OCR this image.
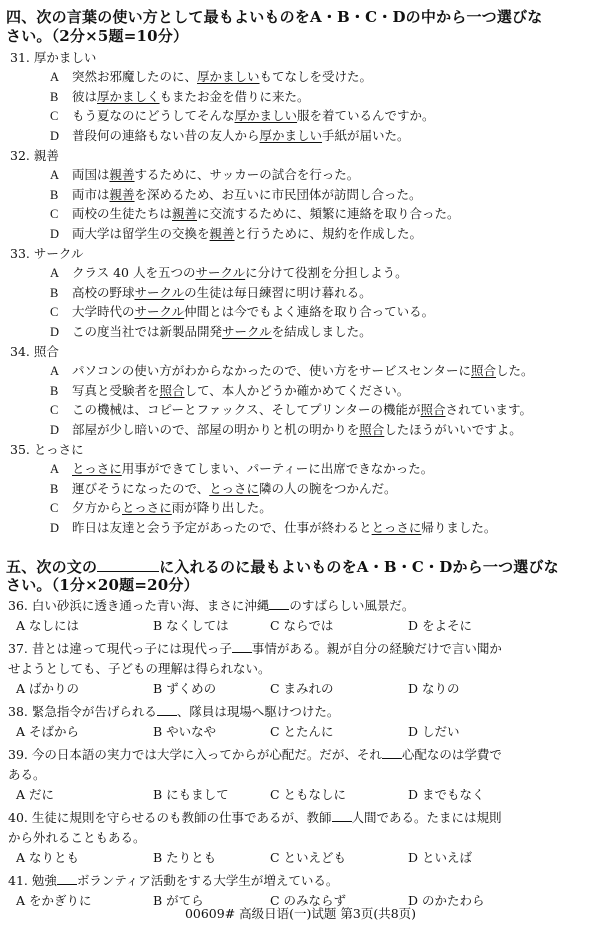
四、次の言葉の使い方として最もよいものをA・B・C・Dの中から一つ選びな
さい。（2分×5题=10分）
31. 厚かましい
A 突然お邪魔したのに、厚かましいもてなしを受けた。
B 彼は厚かましくもまたお金を借りに来た。
C もう夏なのにどうしてそんな厚かましい服を着ているんですか。
D 普段何の連絡もない昔の友人から厚かましい手紙が届いた。
32. 親善
A 両国は親善するために、サッカーの試合を行った。
B 両市は親善を深めるため、お互いに市民団体が訪問し合った。
C 両校の生徒たちは親善に交流するために、頻繁に連絡を取り合った。
D 両大学は留学生の交換を親善と行うために、規約を作成した。
33. サークル
A クラス 40 人を五つのサークルに分けて役割を分担しよう。
B 高校の野球サークルの生徒は毎日練習に明け暮れる。
C 大学時代のサークル仲間とは今でもよく連絡を取り合っている。
D この度当社では新製品開発サークルを結成しました。
34. 照合
A パソコンの使い方がわからなかったので、使い方をサービスセンターに照合した。
B 写真と受験者を照合して、本人かどうか確かめてください。
C この機械は、コピーとファックス、そしてプリンターの機能が照合されています。
D 部屋が少し暗いので、部屋の明かりと机の明かりを照合したほうがいいですよ。
35. とっさに
A とっさに用事ができてしまい、パーティーに出席できなかった。
B 運びそうになったので、とっさに隣の人の腕をつかんだ。
C 夕方からとっさに雨が降り出した。
D 昨日は友達と会う予定があったので、仕事が終わるととっさに帰りました。
五、次の文の	に入れるのに最もよいものをA・B・C・Dから一つ選びな
さい。（1分×20题=20分）
36. 白い砂浜に透き通った青い海、まさに沖縄 のすばらしい風景だ。
A なしには	B なくしては	C ならでは	D をよそに
37. 昔とは違って現代っ子には現代っ子 事情がある。親が自分の経験だけで言い聞か
せようとしても、子どもの理解は得られない。
A ばかりの	B ずくめの	C まみれの	D なりの
38. 緊急指令が告げられる 、隊員は現場へ駆けつけた。
A そばから	B やいなや	C とたんに	D しだい
39. 今の日本語の実力では大学に入ってからが心配だ。だが、それ 心配なのは学費で
ある。
A だに	B にもまして	C ともなしに	D までもなく
40. 生徒に規則を守らせるのも教師の仕事であるが、教師 人間である。たまには規則
から外れることもある。
A なりとも	B たりとも	C といえども	D といえば
41. 勉強 ボランティア活動をする大学生が増えている。
A をかぎりに	B がてら	C のみならず	D のかたわら
00609# 高级日语(一)试题 第3页(共8页)
